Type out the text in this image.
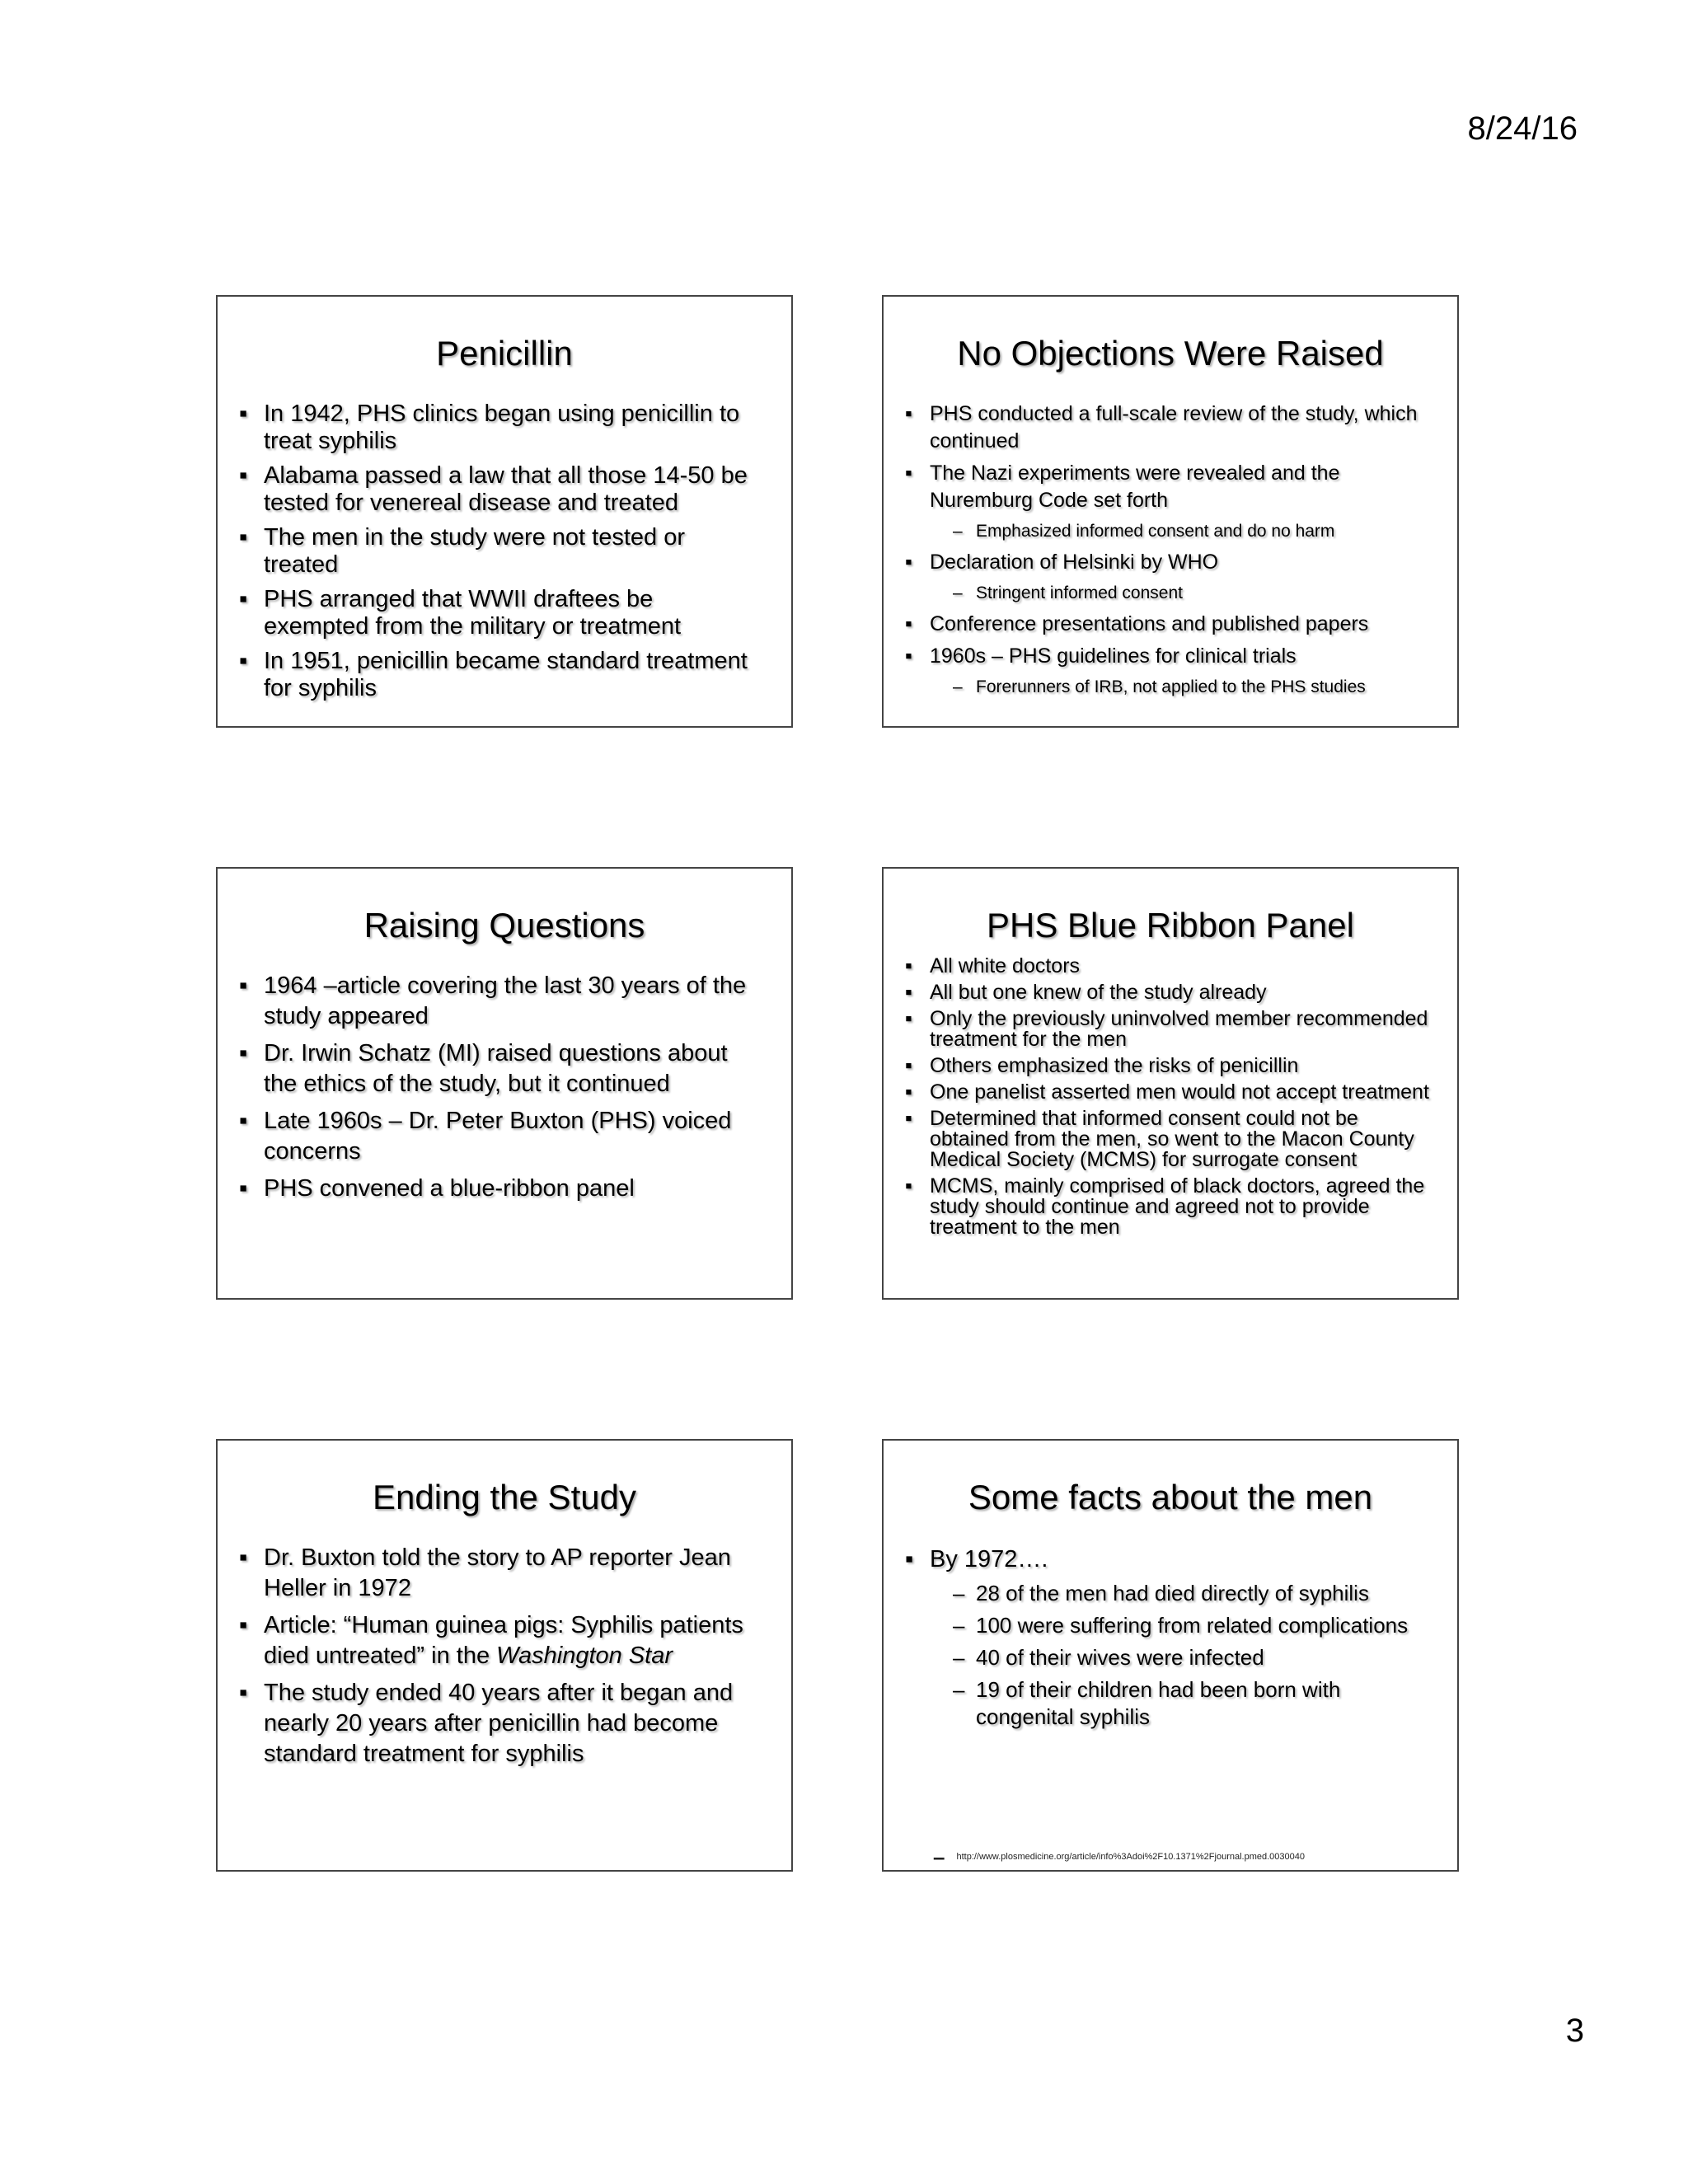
8/24/16
Penicillin
▪ In 1942, PHS clinics began using penicillin to treat syphilis
▪ Alabama passed a law that all those 14-50 be tested for venereal disease and treated
▪ The men in the study were not tested or treated
▪ PHS arranged that WWII draftees be exempted from the military or treatment
▪ In 1951, penicillin became standard treatment for syphilis
No Objections Were Raised
▪ PHS conducted a full-scale review of the study, which continued
▪ The Nazi experiments were revealed and the Nuremburg Code set forth
– Emphasized informed consent and do no harm
▪ Declaration of Helsinki by WHO
– Stringent informed consent
▪ Conference presentations and published papers
▪ 1960s – PHS guidelines for clinical trials
– Forerunners of IRB, not applied to the PHS studies
Raising Questions
▪ 1964 –article covering the last 30 years of the study appeared
▪ Dr. Irwin Schatz (MI) raised questions about the ethics of the study, but it continued
▪ Late 1960s – Dr. Peter Buxton (PHS) voiced concerns
▪ PHS convened a blue-ribbon panel
PHS Blue Ribbon Panel
▪ All white doctors
▪ All but one knew of the study already
▪ Only the previously uninvolved member recommended treatment for the men
▪ Others emphasized the risks of penicillin
▪ One panelist asserted men would not accept treatment
▪ Determined that informed consent could not be obtained from the men, so went to the Macon County Medical Society (MCMS) for surrogate consent
▪ MCMS, mainly comprised of black doctors, agreed the study should continue and agreed not to provide treatment to the men
Ending the Study
▪ Dr. Buxton told the story to AP reporter Jean Heller in 1972
▪ Article: “Human guinea pigs: Syphilis patients died untreated” in the Washington Star
▪ The study ended 40 years after it began and nearly 20 years after penicillin had become standard treatment for syphilis
Some facts about the men
▪ By 1972….
– 28 of the men had died directly of syphilis
– 100 were suffering from related complications
– 40 of their wives were infected
– 19 of their children had been born with congenital syphilis
– http://www.plosmedicine.org/article/info%3Adoi%2F10.1371%2Fjournal.pmed.0030040
3
